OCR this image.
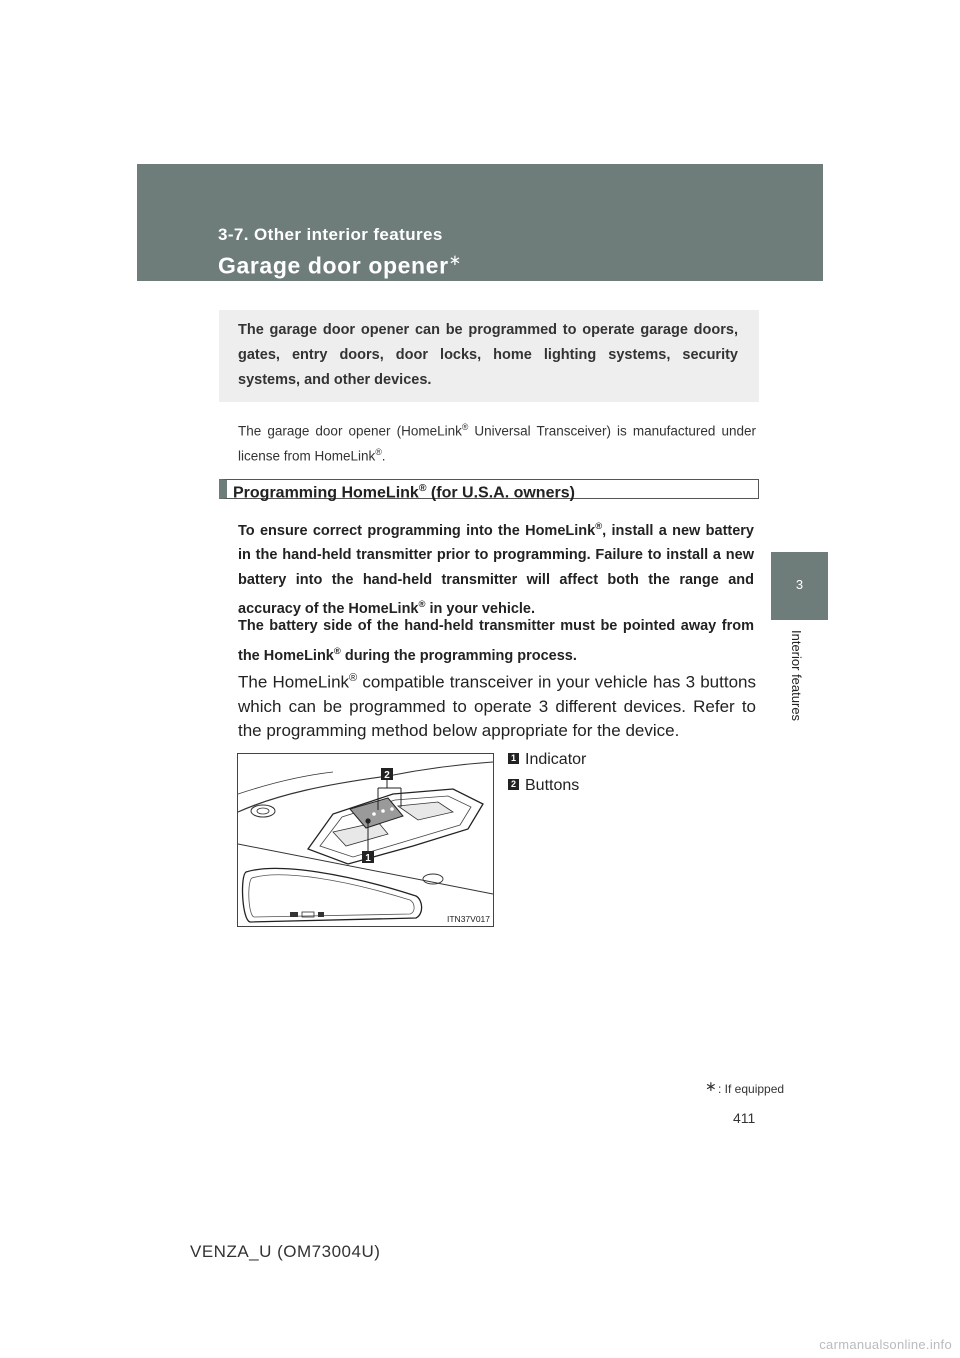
3-7. Other interior features
Garage door opener∗
3
Interior features
The garage door opener can be programmed to operate garage doors, gates, entry doors, door locks, home lighting systems, security systems, and other devices.
The garage door opener (HomeLink® Universal Transceiver) is manufactured under license from HomeLink®.
Programming HomeLink® (for U.S.A. owners)
To ensure correct programming into the HomeLink®, install a new battery in the hand-held transmitter prior to programming. Failure to install a new battery into the hand-held transmitter will affect both the range and accuracy of the HomeLink® in your vehicle.
The battery side of the hand-held transmitter must be pointed away from the HomeLink® during the programming process.
The HomeLink® compatible transceiver in your vehicle has 3 buttons which can be programmed to operate 3 different devices. Refer to the programming method below appropriate for the device.
2
1
ITN37V017
1 Indicator
2 Buttons
∗ : If equipped
411
VENZA_U (OM73004U)
carmanualsonline.info
